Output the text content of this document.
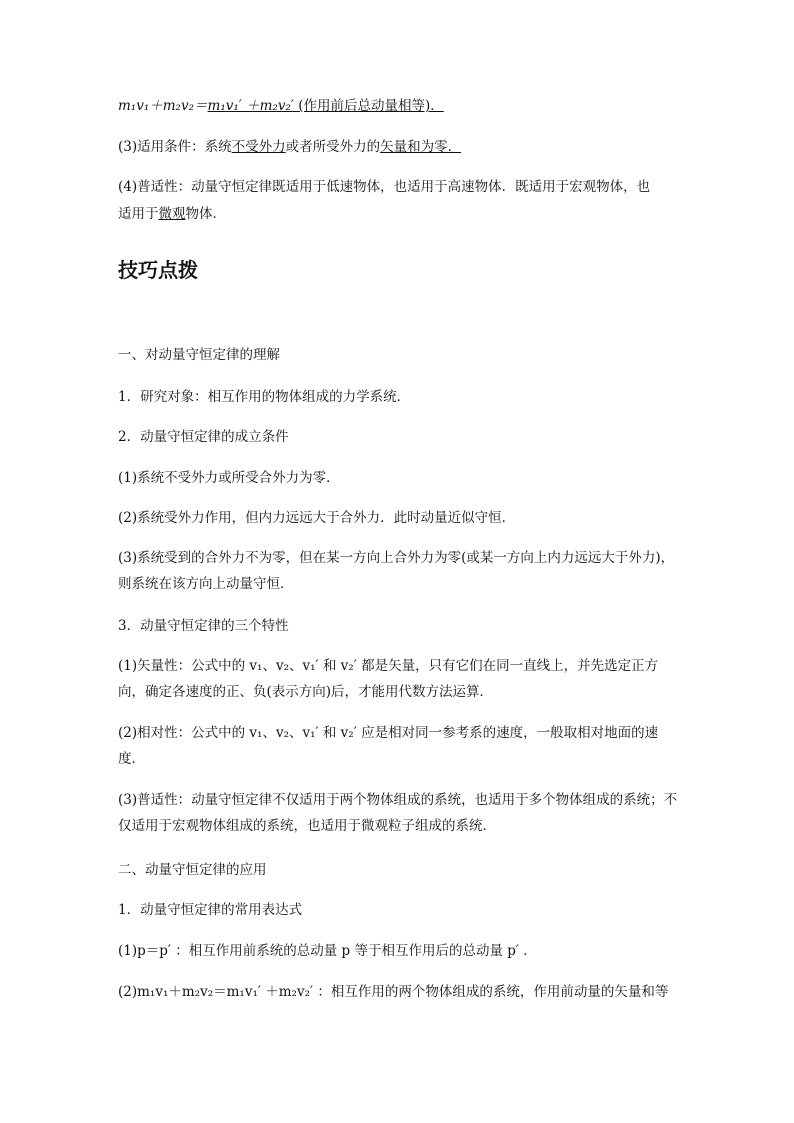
m₁v₁＋m₂v₂＝m₁v₁′ ＋m₂v₂′ (作用前后总动量相等)．
(3)适用条件：系统不受外力或者所受外力的矢量和为零．
(4)普适性：动量守恒定律既适用于低速物体，也适用于高速物体．既适用于宏观物体，也
适用于微观物体．
技巧点拨
一、对动量守恒定律的理解
1．研究对象：相互作用的物体组成的力学系统．
2．动量守恒定律的成立条件
(1)系统不受外力或所受合外力为零．
(2)系统受外力作用，但内力远远大于合外力．此时动量近似守恒．
(3)系统受到的合外力不为零，但在某一方向上合外力为零(或某一方向上内力远远大于外力)，则系统在该方向上动量守恒．
3．动量守恒定律的三个特性
(1)矢量性：公式中的 v₁、v₂、v₁′ 和 v₂′ 都是矢量，只有它们在同一直线上，并先选定正方向，确定各速度的正、负(表示方向)后，才能用代数方法运算．
(2)相对性：公式中的 v₁、v₂、v₁′ 和 v₂′ 应是相对同一参考系的速度，一般取相对地面的速度．
(3)普适性：动量守恒定律不仅适用于两个物体组成的系统，也适用于多个物体组成的系统；不仅适用于宏观物体组成的系统，也适用于微观粒子组成的系统．
二、动量守恒定律的应用
1．动量守恒定律的常用表达式
(1)p＝p′ ：相互作用前系统的总动量 p 等于相互作用后的总动量 p′ ．
(2)m₁v₁＋m₂v₂＝m₁v₁′ ＋m₂v₂′ ：相互作用的两个物体组成的系统，作用前动量的矢量和等
